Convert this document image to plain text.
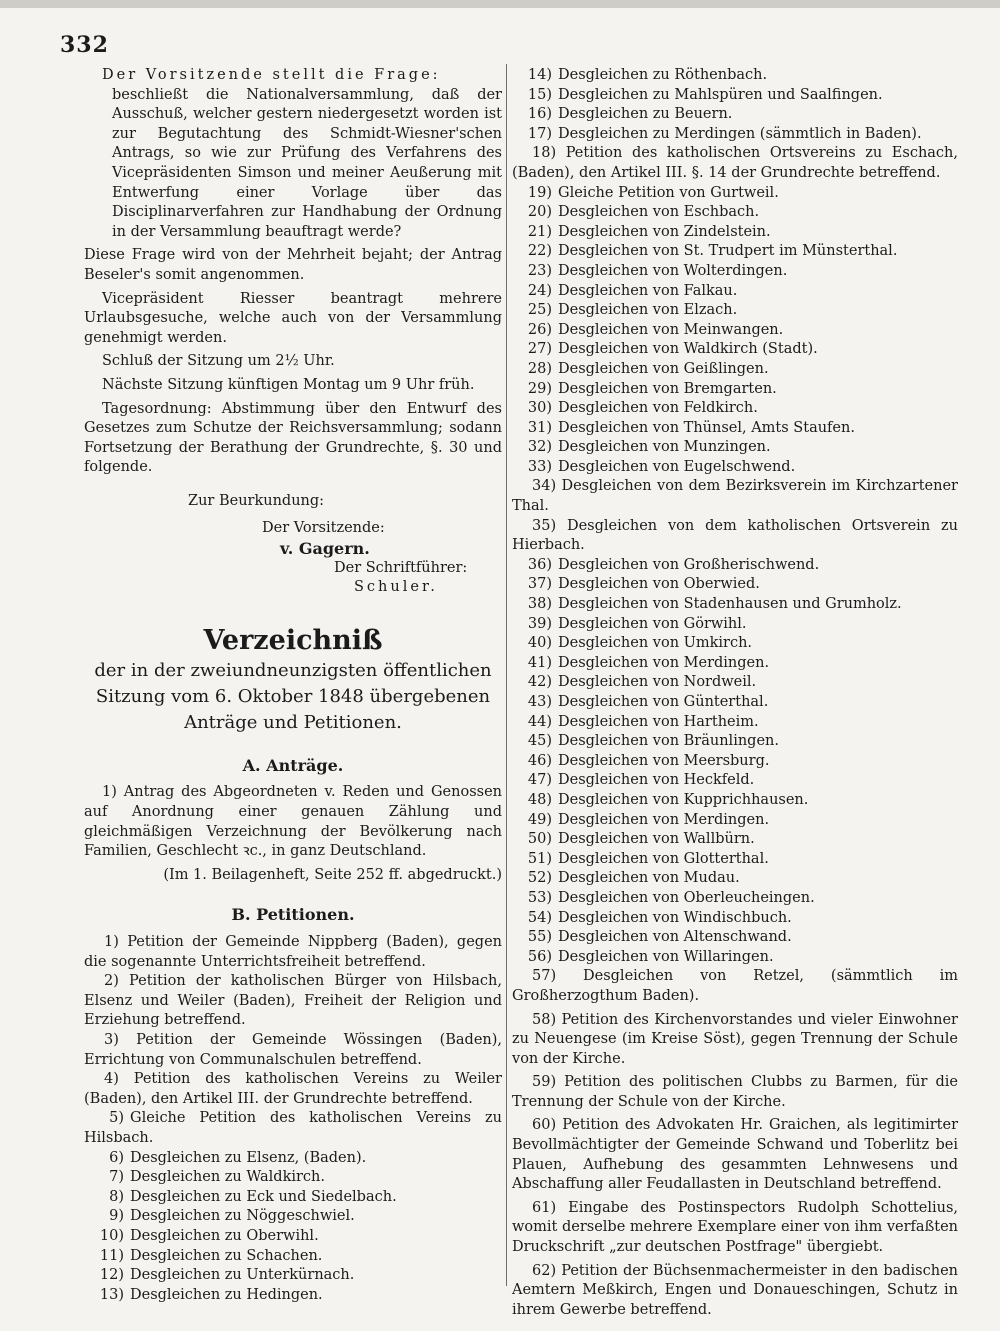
332

Der Vorsitzende stellt die Frage:

beschließt die Nationalversammlung, daß der Ausschuß, welcher gestern niedergesetzt worden ist zur Begutachtung des Schmidt-Wiesner'schen Antrags, so wie zur Prüfung des Verfahrens des Vicepräsidenten Simson und meiner Aeußerung mit Entwerfung einer Vorlage über das Disciplinarverfahren zur Handhabung der Ordnung in der Versammlung beauftragt werde?

Diese Frage wird von der Mehrheit bejaht; der Antrag Beseler's somit angenommen.

Vicepräsident Riesser beantragt mehrere Urlaubsgesuche, welche auch von der Versammlung genehmigt werden.

Schluß der Sitzung um 2½ Uhr.

Nächste Sitzung künftigen Montag um 9 Uhr früh.

Tagesordnung: Abstimmung über den Entwurf des Gesetzes zum Schutze der Reichsversammlung; sodann Fortsetzung der Berathung der Grundrechte, §. 30 und folgende.

Zur Beurkundung:

Der Vorsitzende:

v. Gagern.

Der Schriftführer:

Schuler.

Verzeichniß
der in der zweiundneunzigsten öffentlichen Sitzung vom 6. Oktober 1848 übergebenen Anträge und Petitionen.

A. Anträge.

1) Antrag des Abgeordneten v. Reden und Genossen auf Anordnung einer genauen Zählung und gleichmäßigen Verzeichnung der Bevölkerung nach Familien, Geschlecht ꝛc., in ganz Deutschland.

(Im 1. Beilagenheft, Seite 252 ff. abgedruckt.)

B. Petitionen.

1) Petition der Gemeinde Nippberg (Baden), gegen die sogenannte Unterrichtsfreiheit betreffend.

2) Petition der katholischen Bürger von Hilsbach, Elsenz und Weiler (Baden), Freiheit der Religion und Erziehung betreffend.

3) Petition der Gemeinde Wössingen (Baden), Errichtung von Communalschulen betreffend.

4) Petition des katholischen Vereins zu Weiler (Baden), den Artikel III. der Grundrechte betreffend.

5) Gleiche Petition des katholischen Vereins zu Hilsbach.

6) Desgleichen zu Elsenz, (Baden).

7) Desgleichen zu Waldkirch.

8) Desgleichen zu Eck und Siedelbach.

9) Desgleichen zu Nöggeschwiel.

10) Desgleichen zu Oberwihl.

11) Desgleichen zu Schachen.

12) Desgleichen zu Unterkürnach.

13) Desgleichen zu Hedingen.

14) Desgleichen zu Röthenbach.

15) Desgleichen zu Mahlspüren und Saalfingen.

16) Desgleichen zu Beuern.

17) Desgleichen zu Merdingen (sämmtlich in Baden).

18) Petition des katholischen Ortsvereins zu Eschach, (Baden), den Artikel III. §. 14 der Grundrechte betreffend.

19) Gleiche Petition von Gurtweil.

20) Desgleichen von Eschbach.

21) Desgleichen von Zindelstein.

22) Desgleichen von St. Trudpert im Münsterthal.

23) Desgleichen von Wolterdingen.

24) Desgleichen von Falkau.

25) Desgleichen von Elzach.

26) Desgleichen von Meinwangen.

27) Desgleichen von Waldkirch (Stadt).

28) Desgleichen von Geißlingen.

29) Desgleichen von Bremgarten.

30) Desgleichen von Feldkirch.

31) Desgleichen von Thünsel, Amts Staufen.

32) Desgleichen von Munzingen.

33) Desgleichen von Eugelschwend.

34) Desgleichen von dem Bezirksverein im Kirchzartener Thal.

35) Desgleichen von dem katholischen Ortsverein zu Hierbach.

36) Desgleichen von Großherischwend.

37) Desgleichen von Oberwied.

38) Desgleichen von Stadenhausen und Grumholz.

39) Desgleichen von Görwihl.

40) Desgleichen von Umkirch.

41) Desgleichen von Merdingen.

42) Desgleichen von Nordweil.

43) Desgleichen von Günterthal.

44) Desgleichen von Hartheim.

45) Desgleichen von Bräunlingen.

46) Desgleichen von Meersburg.

47) Desgleichen von Heckfeld.

48) Desgleichen von Kupprichhausen.

49) Desgleichen von Merdingen.

50) Desgleichen von Wallbürn.

51) Desgleichen von Glotterthal.

52) Desgleichen von Mudau.

53) Desgleichen von Oberleucheingen.

54) Desgleichen von Windischbuch.

55) Desgleichen von Altenschwand.

56) Desgleichen von Willaringen.

57) Desgleichen von Retzel, (sämmtlich im Großherzogthum Baden).

58) Petition des Kirchenvorstandes und vieler Einwohner zu Neuengese (im Kreise Söst), gegen Trennung der Schule von der Kirche.

59) Petition des politischen Clubbs zu Barmen, für die Trennung der Schule von der Kirche.

60) Petition des Advokaten Hr. Graichen, als legitimirter Bevollmächtigter der Gemeinde Schwand und Toberlitz bei Plauen, Aufhebung des gesammten Lehnwesens und Abschaffung aller Feudallasten in Deutschland betreffend.

61) Eingabe des Postinspectors Rudolph Schottelius, womit derselbe mehrere Exemplare einer von ihm verfaßten Druckschrift „zur deutschen Postfrage" übergiebt.

62) Petition der Büchsenmachermeister in den badischen Aemtern Meßkirch, Engen und Donaueschingen, Schutz in ihrem Gewerbe betreffend.
